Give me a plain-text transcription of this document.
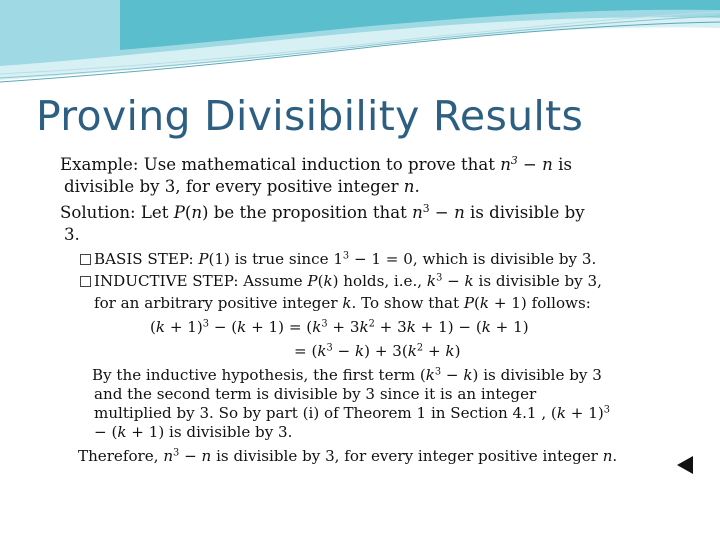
Proving Divisibility Results
Example: Use mathematical induction to prove that $n^3 - n$ is
divisible by 3, for every positive integer n.
Solution: Let P(n) be the proposition that $n^3 - n$ is divisible by
3.
BASIS STEP: P(1) is true since $1^3 - 1 = 0$, which is divisible by 3.
INDUCTIVE STEP: Assume P(k) holds, i.e., $k^3 - k$ is divisible by 3,
for an arbitrary positive integer k. To show that P(k + 1) follows:
$(k + 1)^3 - (k + 1) = (k^3 + 3k^2 + 3k + 1) - (k + 1)$
= $(k^3 - k) + 3(k^2 + k)$
By the inductive hypothesis, the first term $(k^3 - k)$ is divisible by 3
and the second term is divisible by 3 since it is an integer
multiplied by 3. So by part (i) of Theorem 1 in Section 4.1 , $(k + 1)^3$
− (k + 1) is divisible by 3.
Therefore, $n^3 - n$ is divisible by 3, for every integer positive integer n.
